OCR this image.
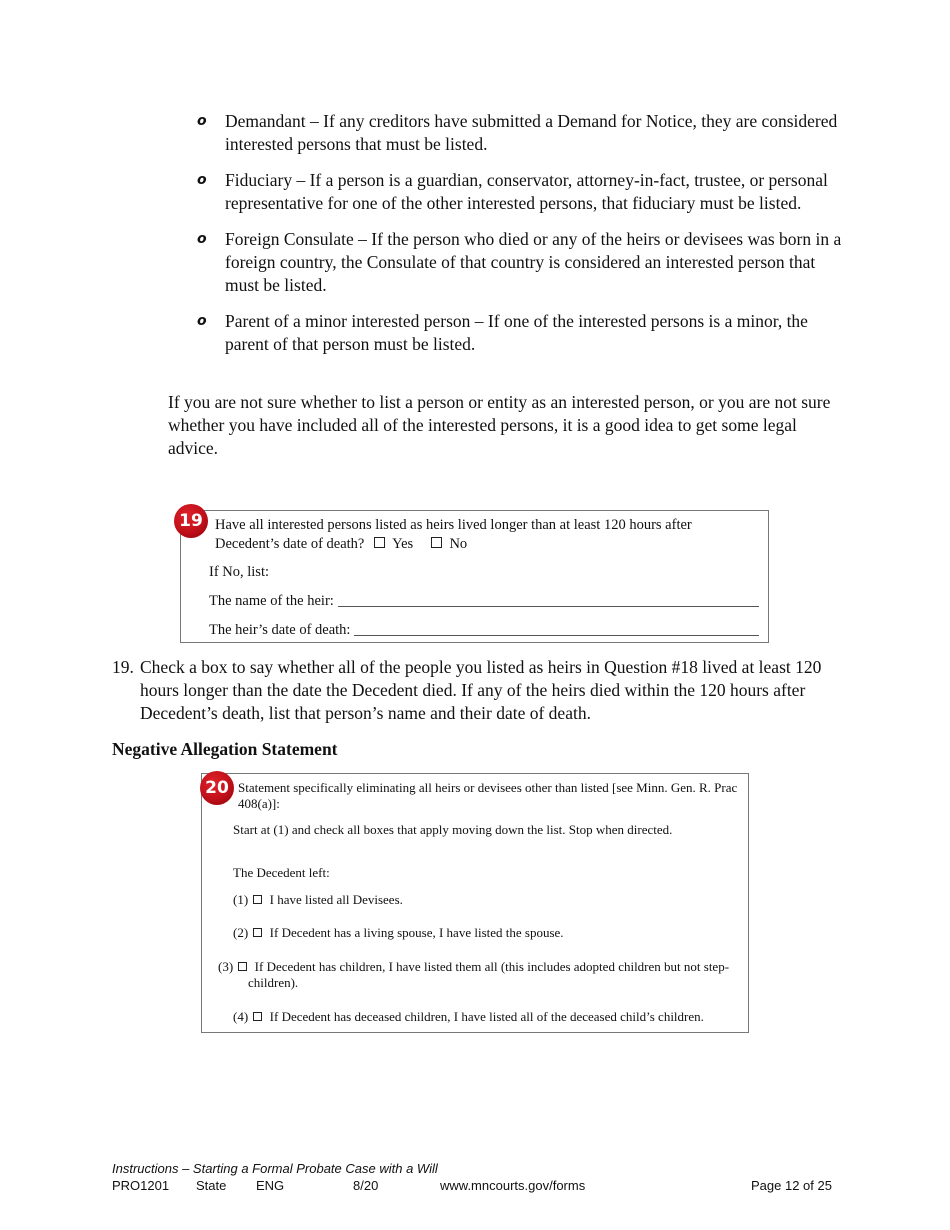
o	Demandant – If any creditors have submitted a Demand for Notice, they are considered interested persons that must be listed.
o	Fiduciary – If a person is a guardian, conservator, attorney-in-fact, trustee, or personal representative for one of the other interested persons, that fiduciary must be listed.
o	Foreign Consulate – If the person who died or any of the heirs or devisees was born in a foreign country, the Consulate of that country is considered an interested person that must be listed.
o	Parent of a minor interested person – If one of the interested persons is a minor, the parent of that person must be listed.
If you are not sure whether to list a person or entity as an interested person, or you are not sure whether you have included all of the interested persons, it is a good idea to get some legal advice.
19 Have all interested persons listed as heirs lived longer than at least 120 hours after Decedent’s date of death? Yes	No
If No, list:
The name of the heir:
The heir’s date of death:
19. Check a box to say whether all of the people you listed as heirs in Question #18 lived at least 120 hours longer than the date the Decedent died. If any of the heirs died within the 120 hours after Decedent’s death, list that person’s name and their date of death.
Negative Allegation Statement
20 Statement specifically eliminating all heirs or devisees other than listed [see Minn. Gen. R. Prac 408(a)]:
Start at (1) and check all boxes that apply moving down the list. Stop when directed.
The Decedent left:
(1) I have listed all Devisees.
(2) If Decedent has a living spouse, I have listed the spouse.
(3) If Decedent has children, I have listed them all (this includes adopted children but not step-children).
(4) If Decedent has deceased children, I have listed all of the deceased child’s children.
Instructions – Starting a Formal Probate Case with a Will
PRO1201 State ENG	8/20	www.mncourts.gov/forms	Page 12 of 25
